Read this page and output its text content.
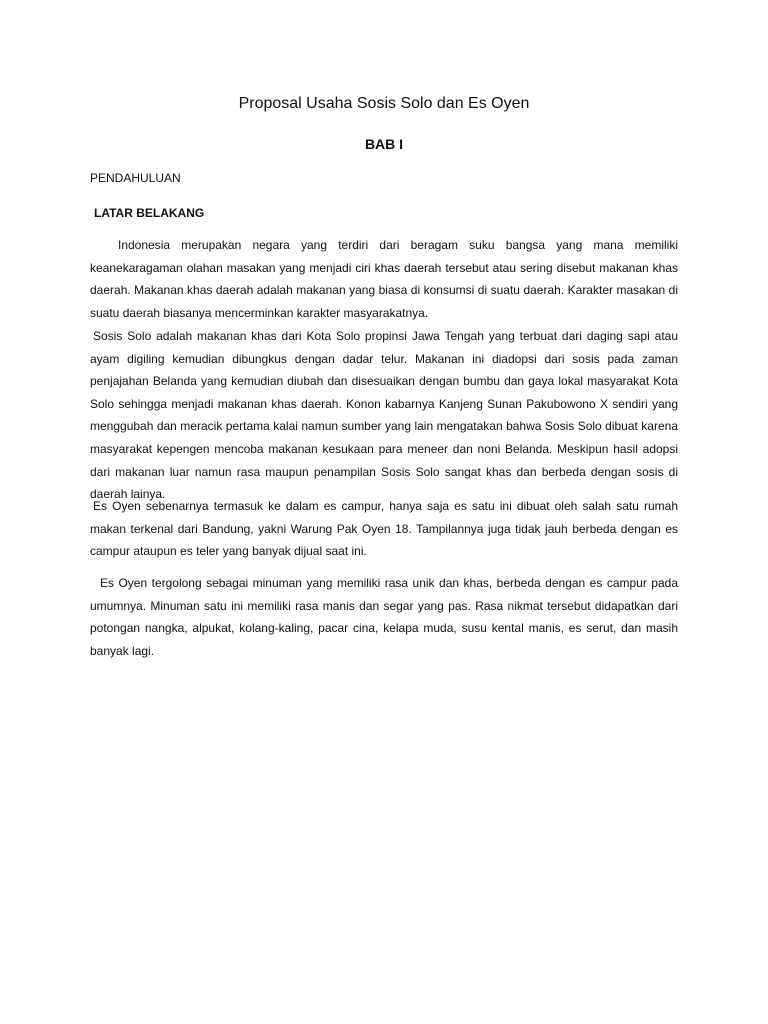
Proposal Usaha Sosis Solo dan Es Oyen
BAB I
PENDAHULUAN
LATAR BELAKANG

Indonesia merupakan negara yang terdiri dari beragam suku bangsa yang mana memiliki keanekaragaman olahan masakan yang menjadi ciri khas daerah tersebut atau sering disebut makanan khas daerah. Makanan khas daerah adalah makanan yang biasa di konsumsi di suatu daerah. Karakter masakan di suatu daerah biasanya mencerminkan karakter masyarakatnya.

Sosis Solo adalah makanan khas dari Kota Solo propinsi Jawa Tengah yang terbuat dari daging sapi atau ayam digiling kemudian dibungkus dengan dadar telur. Makanan ini diadopsi dari sosis pada zaman penjajahan Belanda yang kemudian diubah dan disesuaikan dengan bumbu dan gaya lokal masyarakat Kota Solo sehingga menjadi makanan khas daerah. Konon kabarnya Kanjeng Sunan Pakubowono X sendiri yang menggubah dan meracik pertama kalai namun sumber yang lain mengatakan bahwa Sosis Solo dibuat karena masyarakat kepengen mencoba makanan kesukaan para meneer dan noni Belanda. Meskipun hasil adopsi dari makanan luar namun rasa maupun penampilan Sosis Solo sangat khas dan berbeda dengan sosis di daerah lainya.

Es Oyen sebenarnya termasuk ke dalam es campur, hanya saja es satu ini dibuat oleh salah satu rumah makan terkenal dari Bandung, yakni Warung Pak Oyen 18. Tampilannya juga tidak jauh berbeda dengan es campur ataupun es teler yang banyak dijual saat ini.

Es Oyen tergolong sebagai minuman yang memiliki rasa unik dan khas, berbeda dengan es campur pada umumnya. Minuman satu ini memiliki rasa manis dan segar yang pas. Rasa nikmat tersebut didapatkan dari potongan nangka, alpukat, kolang-kaling, pacar cina, kelapa muda, susu kental manis, es serut, dan masih banyak lagi.
